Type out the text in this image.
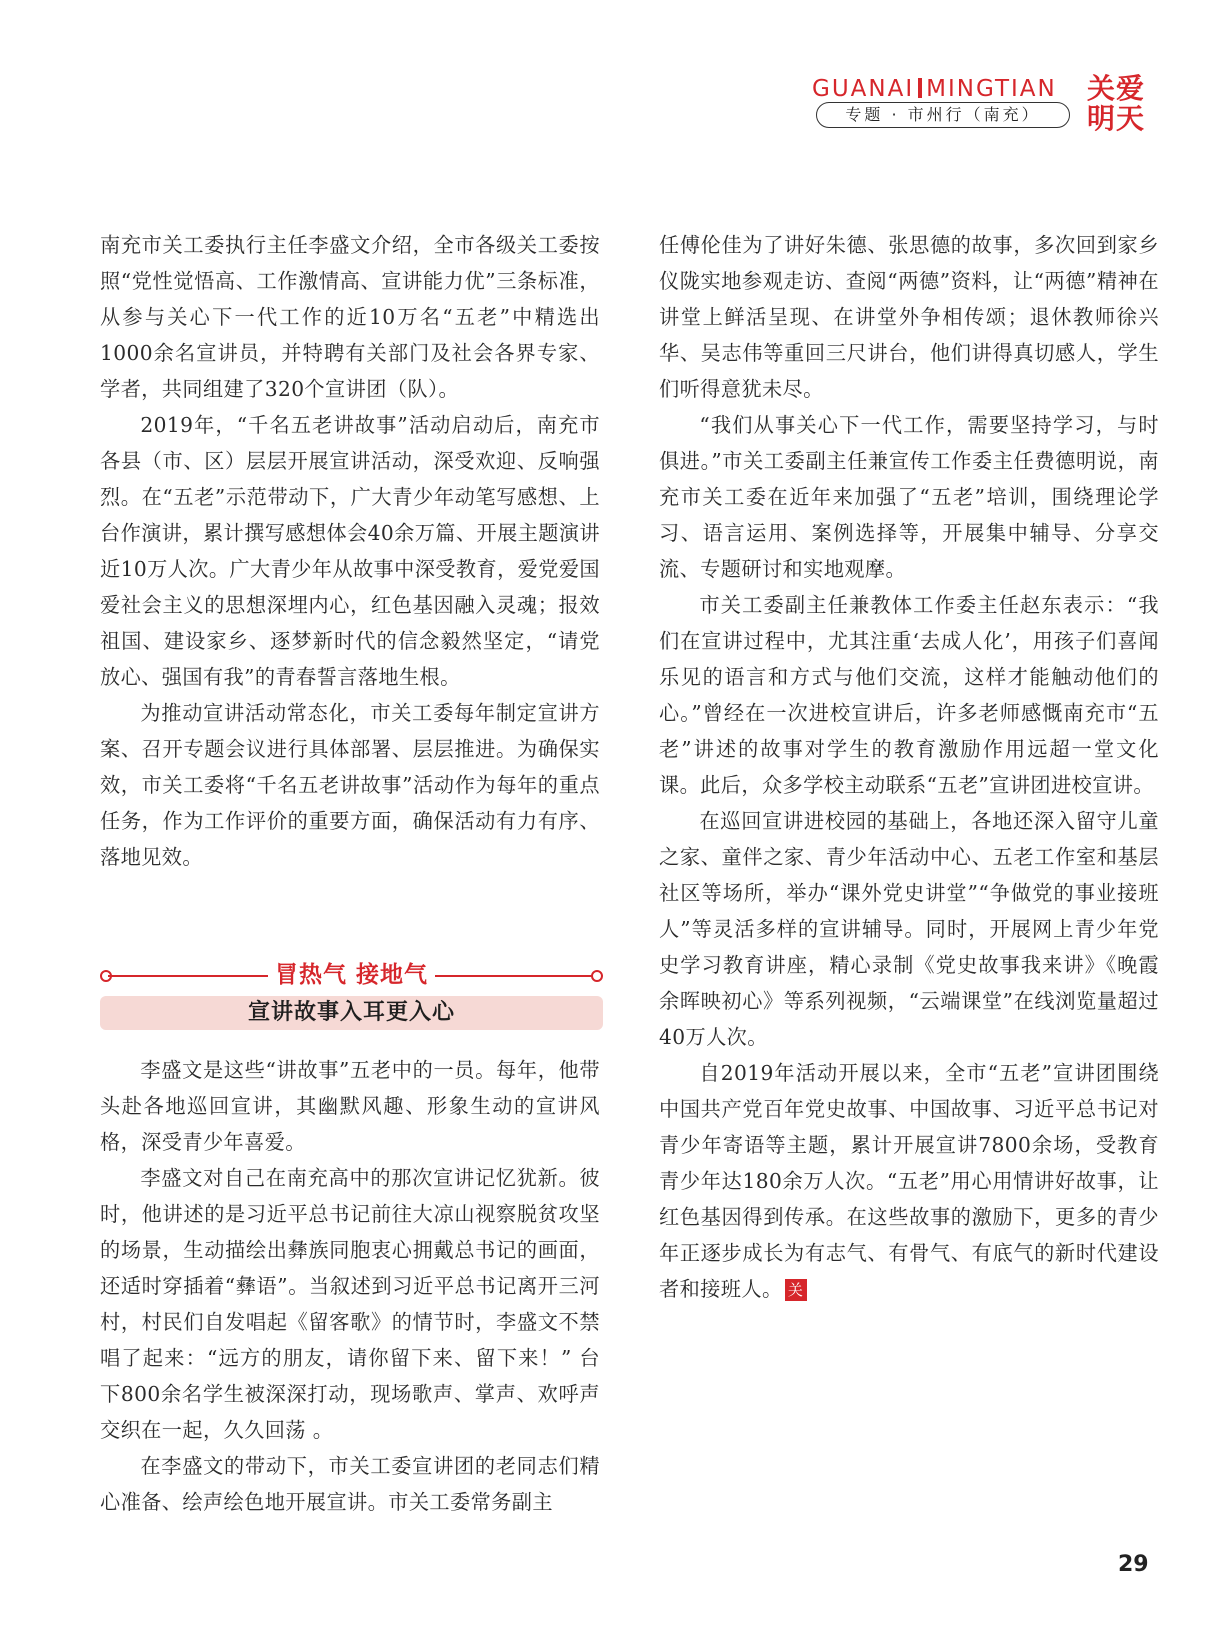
GUANAI MINGTIAN
专题 · 市州行（南充）
关爱
明天

南充市关工委执行主任李盛文介绍，全市各级关工委按照“党性觉悟高、工作激情高、宣讲能力优”三条标准，从参与关心下一代工作的近10万名“五老”中精选出1000余名宣讲员，并特聘有关部门及社会各界专家、学者，共同组建了320个宣讲团（队）。

2019年，“千名五老讲故事”活动启动后，南充市各县（市、区）层层开展宣讲活动，深受欢迎、反响强烈。在“五老”示范带动下，广大青少年动笔写感想、上台作演讲，累计撰写感想体会40余万篇、开展主题演讲近10万人次。广大青少年从故事中深受教育，爱党爱国爱社会主义的思想深埋内心，红色基因融入灵魂；报效祖国、建设家乡、逐梦新时代的信念毅然坚定，“请党放心、强国有我”的青春誓言落地生根。

为推动宣讲活动常态化，市关工委每年制定宣讲方案、召开专题会议进行具体部署、层层推进。为确保实效，市关工委将“千名五老讲故事”活动作为每年的重点任务，作为工作评价的重要方面，确保活动有力有序、落地见效。

冒热气 接地气
宣讲故事入耳更入心

李盛文是这些“讲故事”五老中的一员。每年，他带头赴各地巡回宣讲，其幽默风趣、形象生动的宣讲风格，深受青少年喜爱。

李盛文对自己在南充高中的那次宣讲记忆犹新。彼时，他讲述的是习近平总书记前往大凉山视察脱贫攻坚的场景，生动描绘出彝族同胞衷心拥戴总书记的画面，还适时穿插着“彝语”。当叙述到习近平总书记离开三河村，村民们自发唱起《留客歌》的情节时，李盛文不禁唱了起来：“远方的朋友，请你留下来、留下来！” 台下800余名学生被深深打动，现场歌声、掌声、欢呼声交织在一起，久久回荡 。

在李盛文的带动下，市关工委宣讲团的老同志们精心准备、绘声绘色地开展宣讲。市关工委常务副主

任傅伦佳为了讲好朱德、张思德的故事，多次回到家乡仪陇实地参观走访、查阅“两德”资料，让“两德”精神在讲堂上鲜活呈现、在讲堂外争相传颂；退休教师徐兴华、吴志伟等重回三尺讲台，他们讲得真切感人，学生们听得意犹未尽。

“我们从事关心下一代工作，需要坚持学习，与时俱进。”市关工委副主任兼宣传工作委主任费德明说，南充市关工委在近年来加强了“五老”培训，围绕理论学习、语言运用、案例选择等，开展集中辅导、分享交流、专题研讨和实地观摩。

市关工委副主任兼教体工作委主任赵东表示：“我们在宣讲过程中，尤其注重‘去成人化’，用孩子们喜闻乐见的语言和方式与他们交流，这样才能触动他们的心。”曾经在一次进校宣讲后，许多老师感慨南充市“五老”讲述的故事对学生的教育激励作用远超一堂文化课。此后，众多学校主动联系“五老”宣讲团进校宣讲。

在巡回宣讲进校园的基础上，各地还深入留守儿童之家、童伴之家、青少年活动中心、五老工作室和基层社区等场所，举办“课外党史讲堂”“争做党的事业接班人”等灵活多样的宣讲辅导。同时，开展网上青少年党史学习教育讲座，精心录制《党史故事我来讲》《晚霞余晖映初心》等系列视频，“云端课堂”在线浏览量超过40万人次。

自2019年活动开展以来，全市“五老”宣讲团围绕中国共产党百年党史故事、中国故事、习近平总书记对青少年寄语等主题，累计开展宣讲7800余场，受教育青少年达180余万人次。“五老”用心用情讲好故事，让红色基因得到传承。在这些故事的激励下，更多的青少年正逐步成长为有志气、有骨气、有底气的新时代建设者和接班人。 关

29
